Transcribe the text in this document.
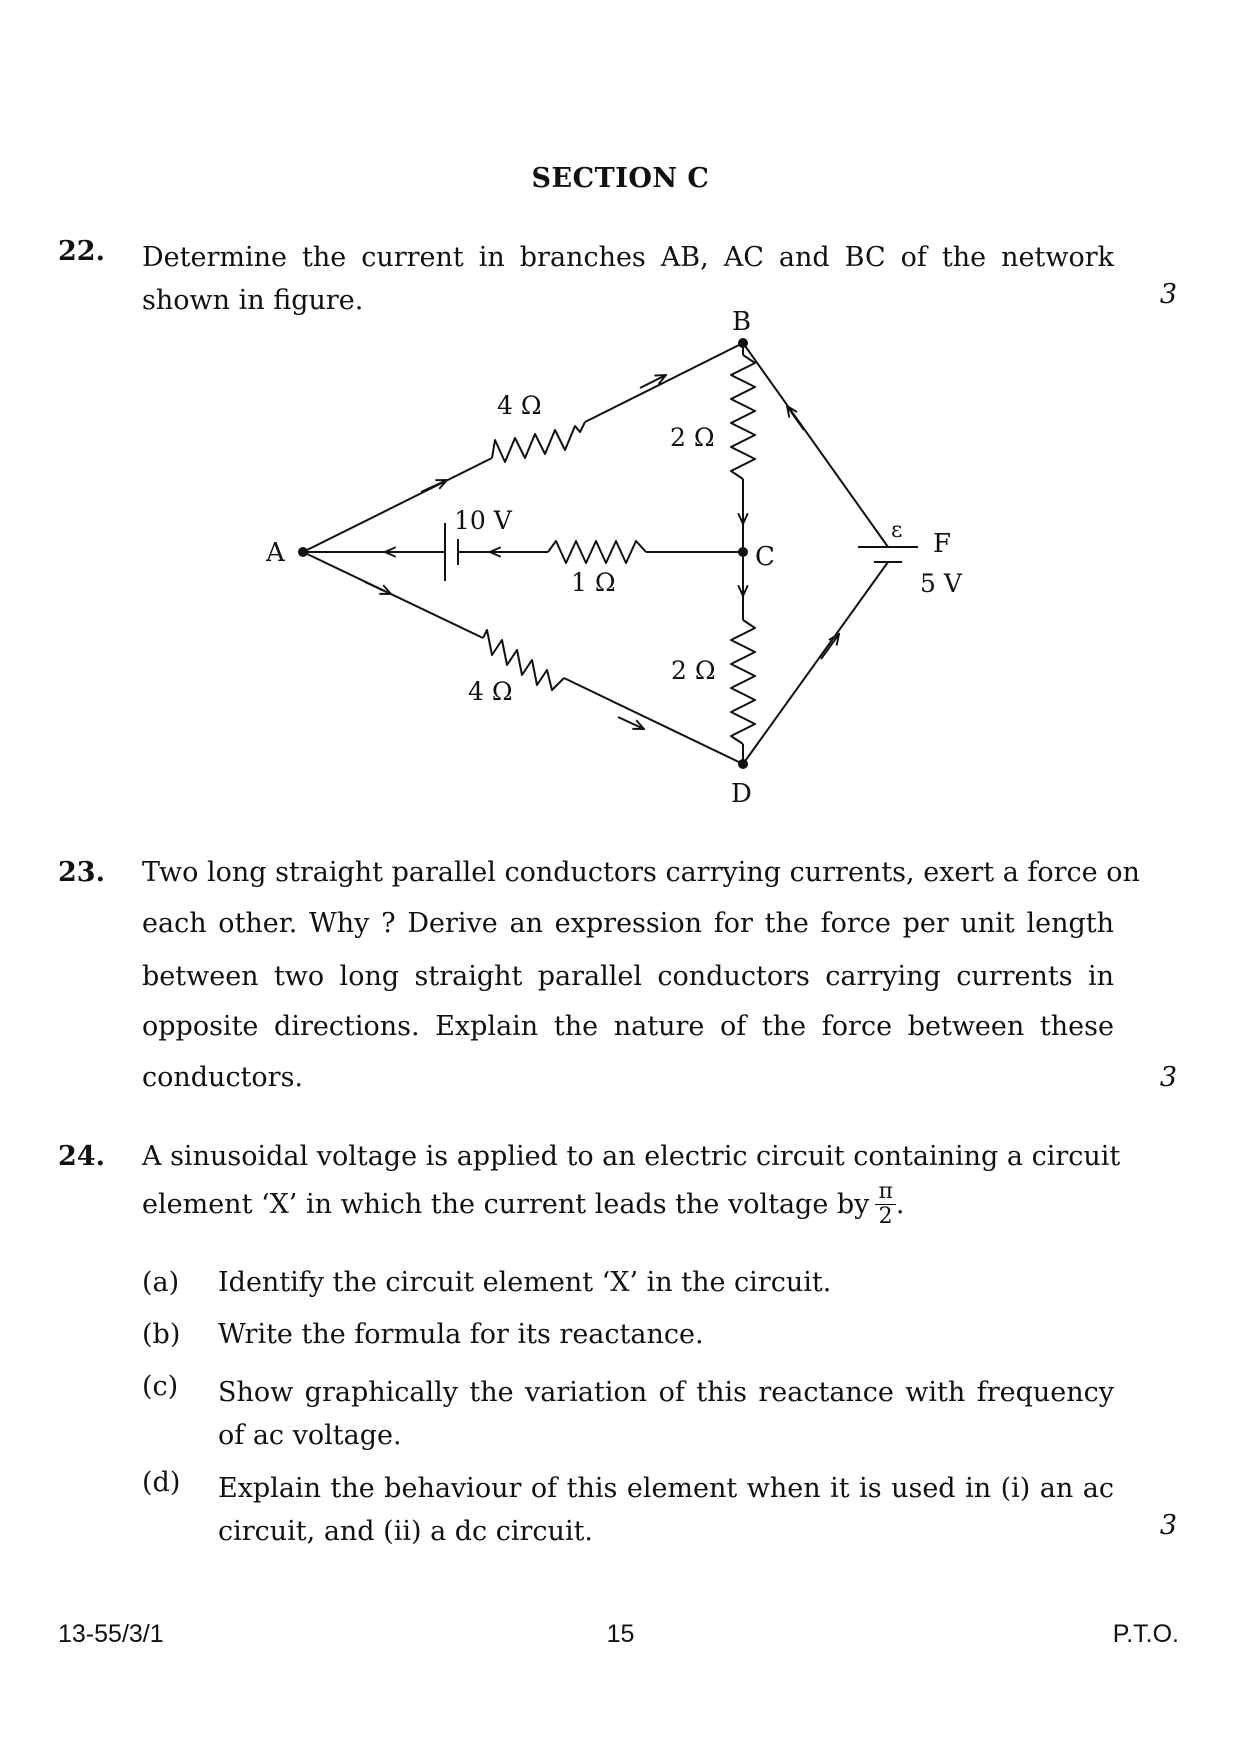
SECTION C
22. Determine the current in branches AB, AC and BC of the network shown in figure.	3
A
B
C
D
F
4 Ω
4 Ω
1 Ω
2 Ω
2 Ω
10 V	ε
5 V
23. Two long straight parallel conductors carrying currents, exert a force on
each other. Why ? Derive an expression for the force per unit length
between two long straight parallel conductors carrying currents in
opposite directions. Explain the nature of the force between these
conductors.	3
24. A sinusoidal voltage is applied to an electric circuit containing a circuit
element ‘X’ in which the current leads the voltage by $\frac{\pi}{2}$ .
(a) Identify the circuit element ‘X’ in the circuit.
(b) Write the formula for its reactance.
(c) Show graphically the variation of this reactance with frequency of ac voltage.
(d) Explain the behaviour of this element when it is used in (i) an ac circuit, and (ii) a dc circuit.	3
13-55/3/1	15	P.T.O.
